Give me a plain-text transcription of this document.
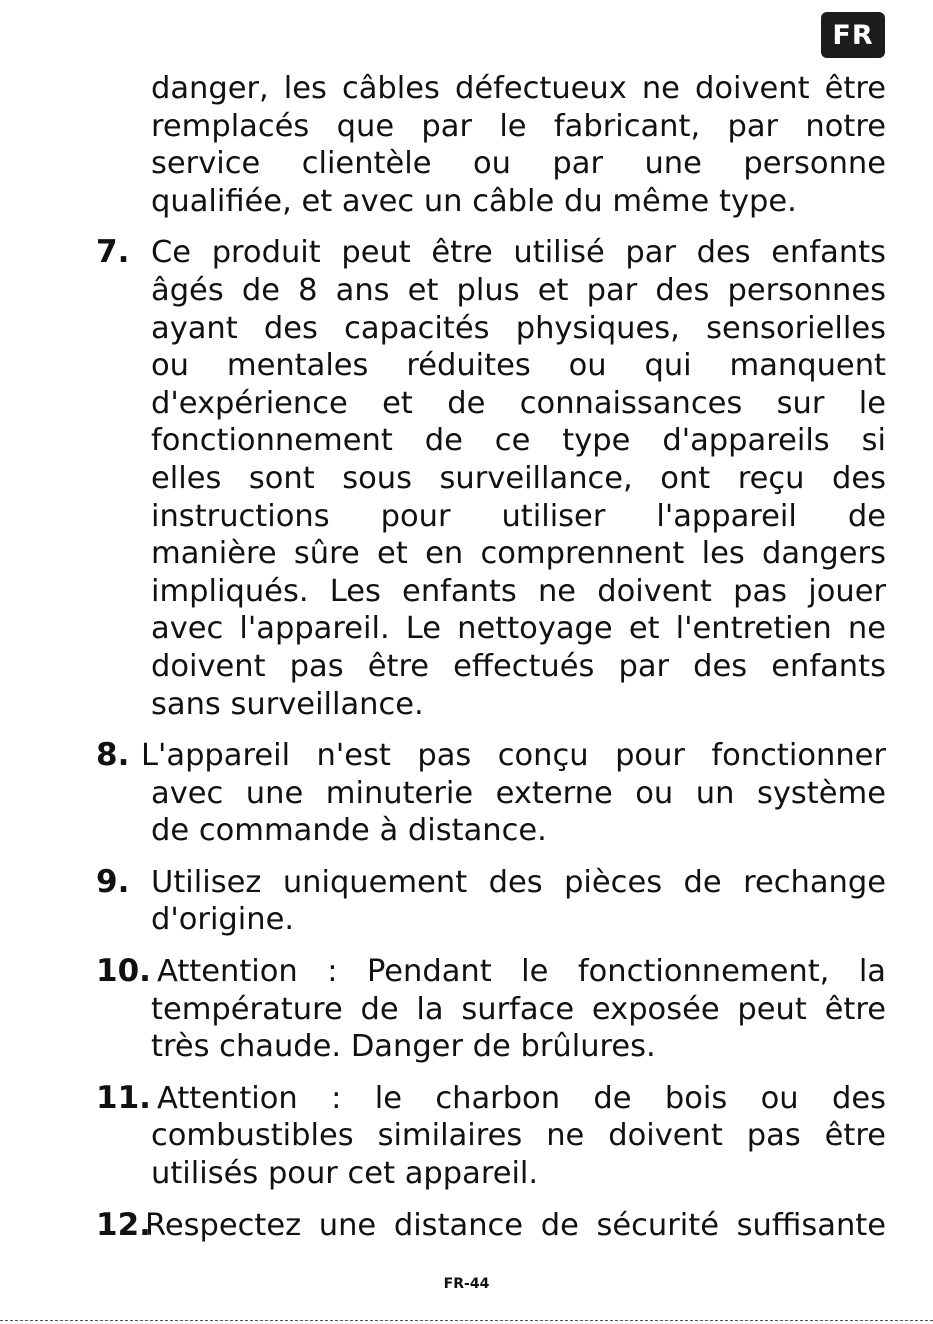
FR
danger, les câbles défectueux ne doivent être
remplacés que par le fabricant, par notre
service clientèle ou par une personne
qualifiée, et avec un câble du même type.
7. Ce produit peut être utilisé par des enfants
âgés de 8 ans et plus et par des personnes
ayant des capacités physiques, sensorielles
ou mentales réduites ou qui manquent
d'expérience et de connaissances sur le
fonctionnement de ce type d'appareils si
elles sont sous surveillance, ont reçu des
instructions pour utiliser l'appareil de
manière sûre et en comprennent les dangers
impliqués. Les enfants ne doivent pas jouer
avec l'appareil. Le nettoyage et l'entretien ne
doivent pas être effectués par des enfants
sans surveillance.
8. L'appareil n'est pas conçu pour fonctionner
avec une minuterie externe ou un système
de commande à distance.
9. Utilisez uniquement des pièces de rechange
d'origine.
10. Attention : Pendant le fonctionnement, la
température de la surface exposée peut être
très chaude. Danger de brûlures.
11. Attention : le charbon de bois ou des
combustibles similaires ne doivent pas être
utilisés pour cet appareil.
12.
Respectez une distance de sécurité suffisante
FR-44
